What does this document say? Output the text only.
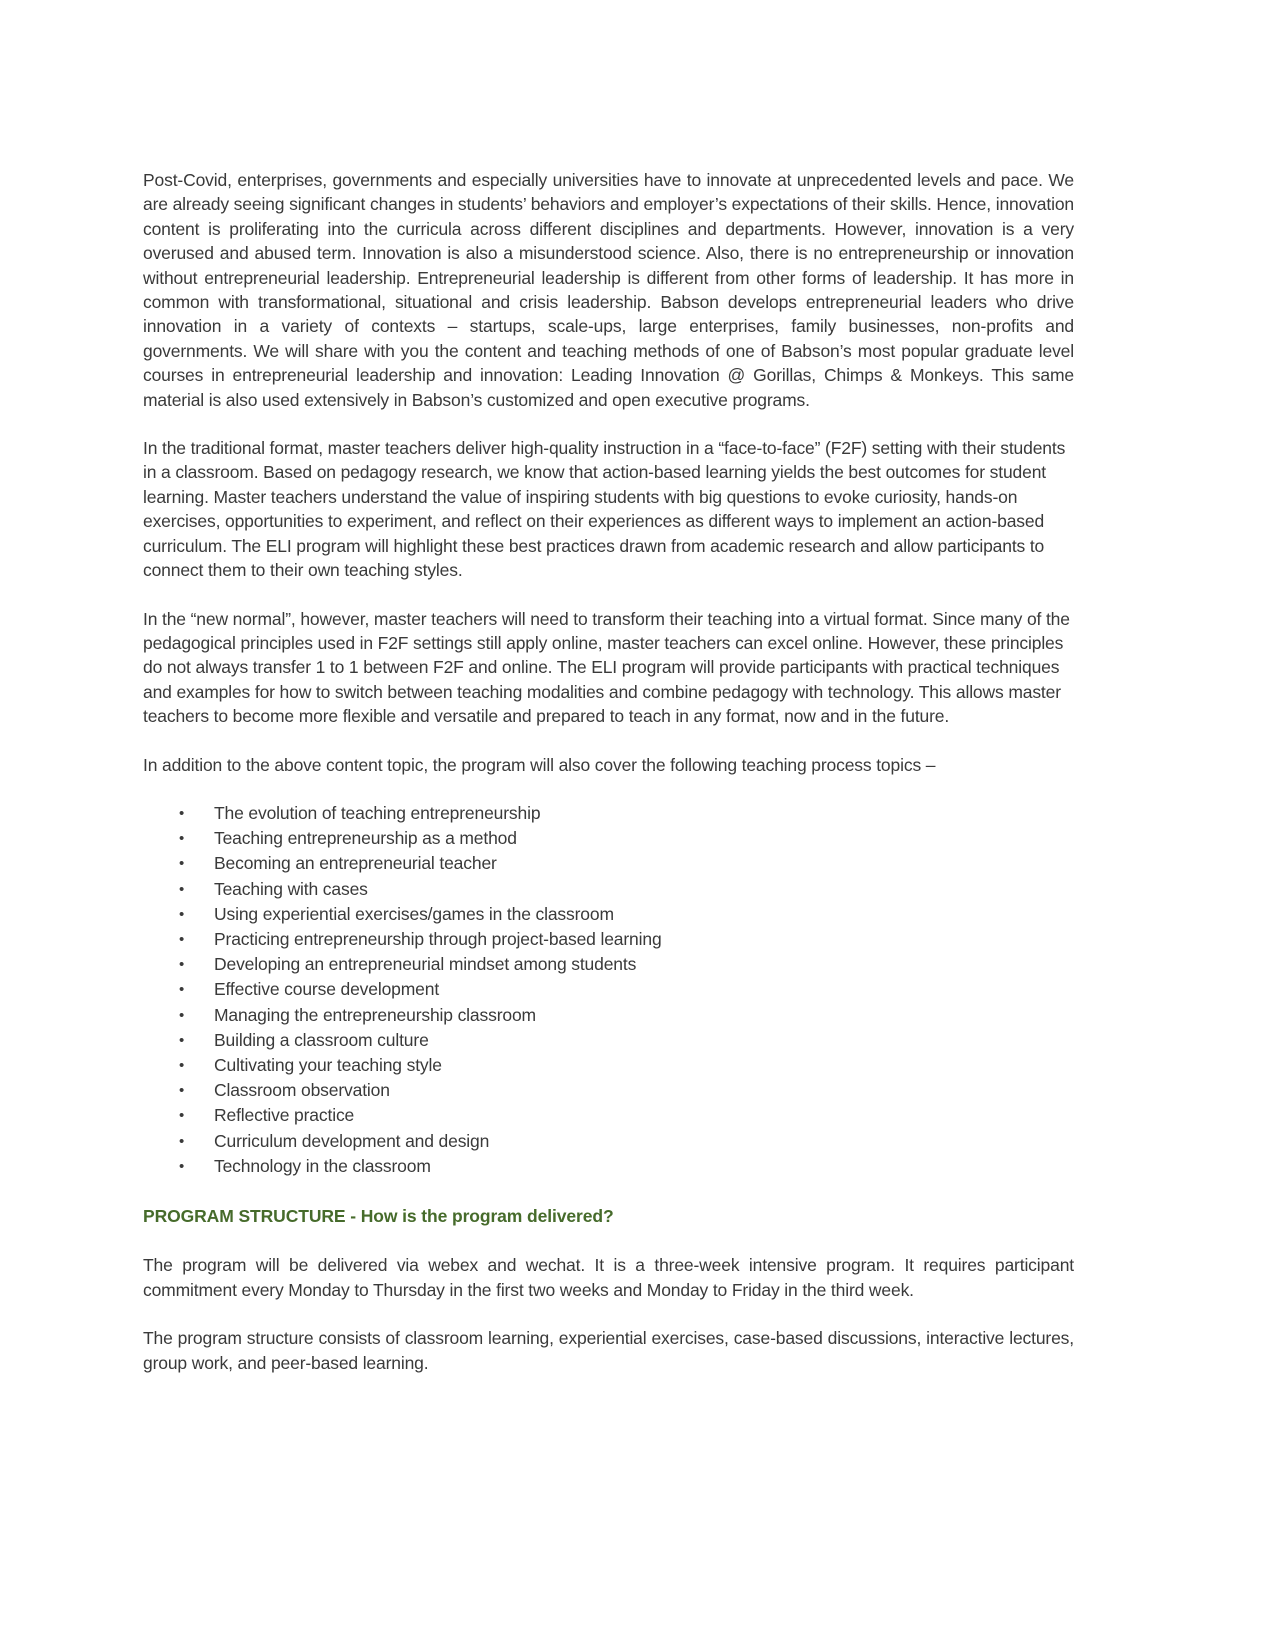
Post-Covid, enterprises, governments and especially universities have to innovate at unprecedented levels and pace. We are already seeing significant changes in students’ behaviors and employer’s expectations of their skills. Hence, innovation content is proliferating into the curricula across different disciplines and departments. However, innovation is a very overused and abused term. Innovation is also a misunderstood science. Also, there is no entrepreneurship or innovation without entrepreneurial leadership. Entrepreneurial leadership is different from other forms of leadership. It has more in common with transformational, situational and crisis leadership. Babson develops entrepreneurial leaders who drive innovation in a variety of contexts – startups, scale-ups, large enterprises, family businesses, non-profits and governments. We will share with you the content and teaching methods of one of Babson’s most popular graduate level courses in entrepreneurial leadership and innovation: Leading Innovation @ Gorillas, Chimps & Monkeys. This same material is also used extensively in Babson’s customized and open executive programs.

In the traditional format, master teachers deliver high-quality instruction in a “face-to-face” (F2F) setting with their students in a classroom. Based on pedagogy research, we know that action-based learning yields the best outcomes for student learning. Master teachers understand the value of inspiring students with big questions to evoke curiosity, hands-on exercises, opportunities to experiment, and reflect on their experiences as different ways to implement an action-based curriculum. The ELI program will highlight these best practices drawn from academic research and allow participants to connect them to their own teaching styles.

In the “new normal”, however, master teachers will need to transform their teaching into a virtual format. Since many of the pedagogical principles used in F2F settings still apply online, master teachers can excel online. However, these principles do not always transfer 1 to 1 between F2F and online. The ELI program will provide participants with practical techniques and examples for how to switch between teaching modalities and combine pedagogy with technology. This allows master teachers to become more flexible and versatile and prepared to teach in any format, now and in the future.

In addition to the above content topic, the program will also cover the following teaching process topics –

• The evolution of teaching entrepreneurship
• Teaching entrepreneurship as a method
• Becoming an entrepreneurial teacher
• Teaching with cases
• Using experiential exercises/games in the classroom
• Practicing entrepreneurship through project-based learning
• Developing an entrepreneurial mindset among students
• Effective course development
• Managing the entrepreneurship classroom
• Building a classroom culture
• Cultivating your teaching style
• Classroom observation
• Reflective practice
• Curriculum development and design
• Technology in the classroom
PROGRAM STRUCTURE - How is the program delivered?

The program will be delivered via webex and wechat. It is a three-week intensive program. It requires participant commitment every Monday to Thursday in the first two weeks and Monday to Friday in the third week.

The program structure consists of classroom learning, experiential exercises, case-based discussions, interactive lectures, group work, and peer-based learning.
